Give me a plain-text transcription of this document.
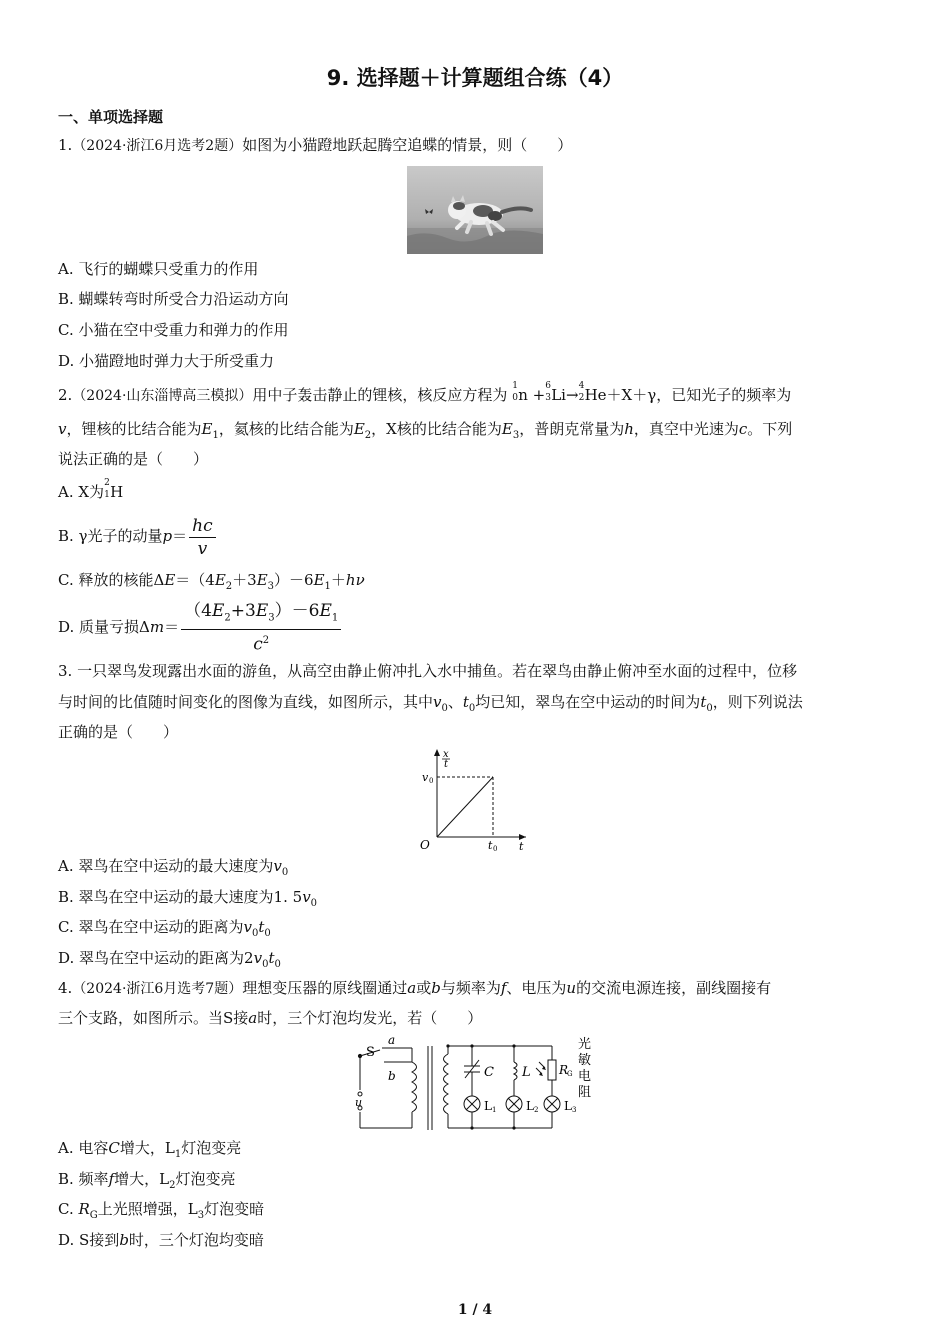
9. 选择题＋计算题组合练（4）
一、单项选择题
1.（2024·浙江6月选考2题）如图为小猫蹬地跃起腾空追蝶的情景，则（　　）
A. 飞行的蝴蝶只受重力的作用
B. 蝴蝶转弯时所受合力沿运动方向
C. 小猫在空中受重力和弹力的作用
D. 小猫蹬地时弹力大于所受重力
2.（2024·山东淄博高三模拟）用中子轰击静止的锂核，核反应方程为 1
0 n + 6
3 Li→ 4
2 He＋X＋γ，已知光子的频率为
v，锂核的比结合能为$E_1$，氦核的比结合能为$E_2$，X核的比结合能为$E_3$，普朗克常量为h，真空中光速为c。下列
说法正确的是（　　）
A. X为 2
1 H
B. γ光子的动量$p= \frac{hc}{v}$
C. 释放的核能$\Delta E=(4E_2+3E_3)-6E_1+h\nu$
D. 质量亏损$\Delta m= \frac{(4E_2+3E_3)-6E_1}{c^2}$
3. 一只翠鸟发现露出水面的游鱼，从高空由静止俯冲扎入水中捕鱼。若在翠鸟由静止俯冲至水面的过程中，位移
与时间的比值随时间变化的图像为直线，如图所示，其中$v_0$、$t_0$均已知，翠鸟在空中运动的时间为$t_0$，则下列说法
正确的是（　　）
O
x
t
v 0
t 0 t
A. 翠鸟在空中运动的最大速度为$v_0$
B. 翠鸟在空中运动的最大速度为1. $5v_0$
C. 翠鸟在空中运动的距离为$v_0t_0$
D. 翠鸟在空中运动的距离为$2v_0t_0$
4.（2024·浙江6月选考7题）理想变压器的原线圈通过a或b与频率为f、电压为u的交流电源连接，副线圈接有
三个支路，如图所示。当S接a时，三个灯泡均发光，若（　　）
S
a
b
u
C L R
G
L 1 L 2 L 3
光
敏
电
阻
A. 电容C增大，$L_1$灯泡变亮
B. 频率f增大，$L_2$灯泡变亮
C. $R_G$上光照增强，$L_3$灯泡变暗
D. S接到b时，三个灯泡均变暗
1 / 4
